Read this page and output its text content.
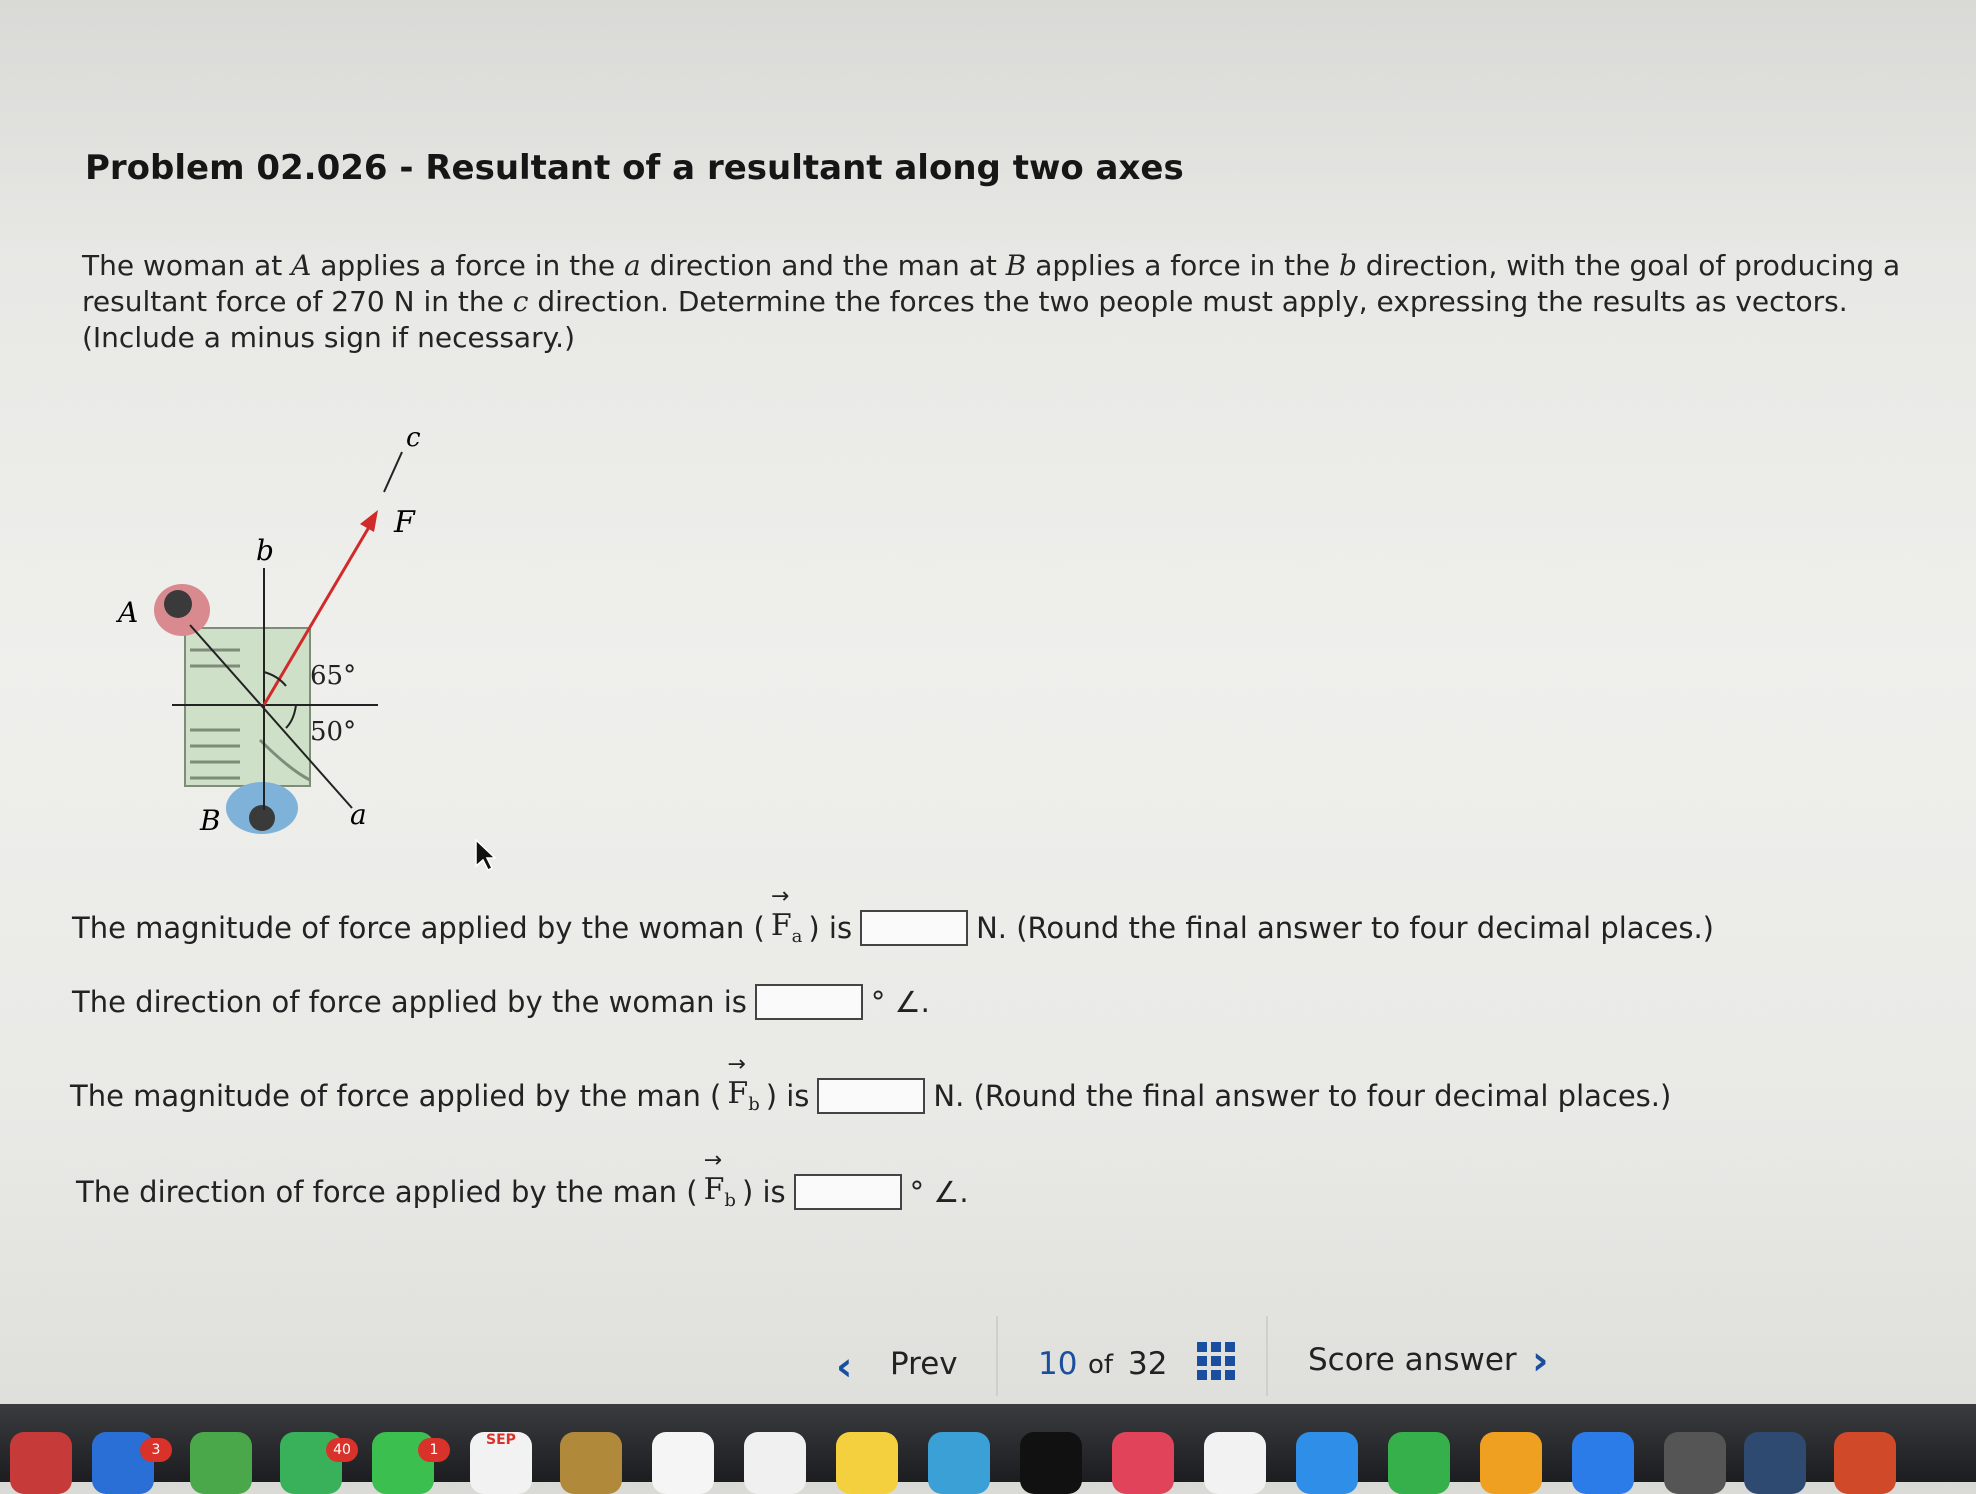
Problem 02.026 - Resultant of a resultant along two axes
The woman at A applies a force in the a direction and the man at B applies a force in the b direction, with the goal of producing a resultant force of 270 N in the c direction. Determine the forces the two people must apply, expressing the results as vectors. (Include a minus sign if necessary.)
c
F
b
A
B	a
65°
50°
The magnitude of force applied by the woman (
→
$F_a$ ) is	N. (Round the final answer to four decimal places.)
The direction of force applied by the woman is	° ∠.
The magnitude of force applied by the man (
→
$F_b$ ) is	N. (Round the final answer to four decimal places.)
The direction of force applied by the man (
→
$F_b$ ) is	° ∠.
‹ Prev	10 of 32	Score answer ›
3	40	1
SEP
